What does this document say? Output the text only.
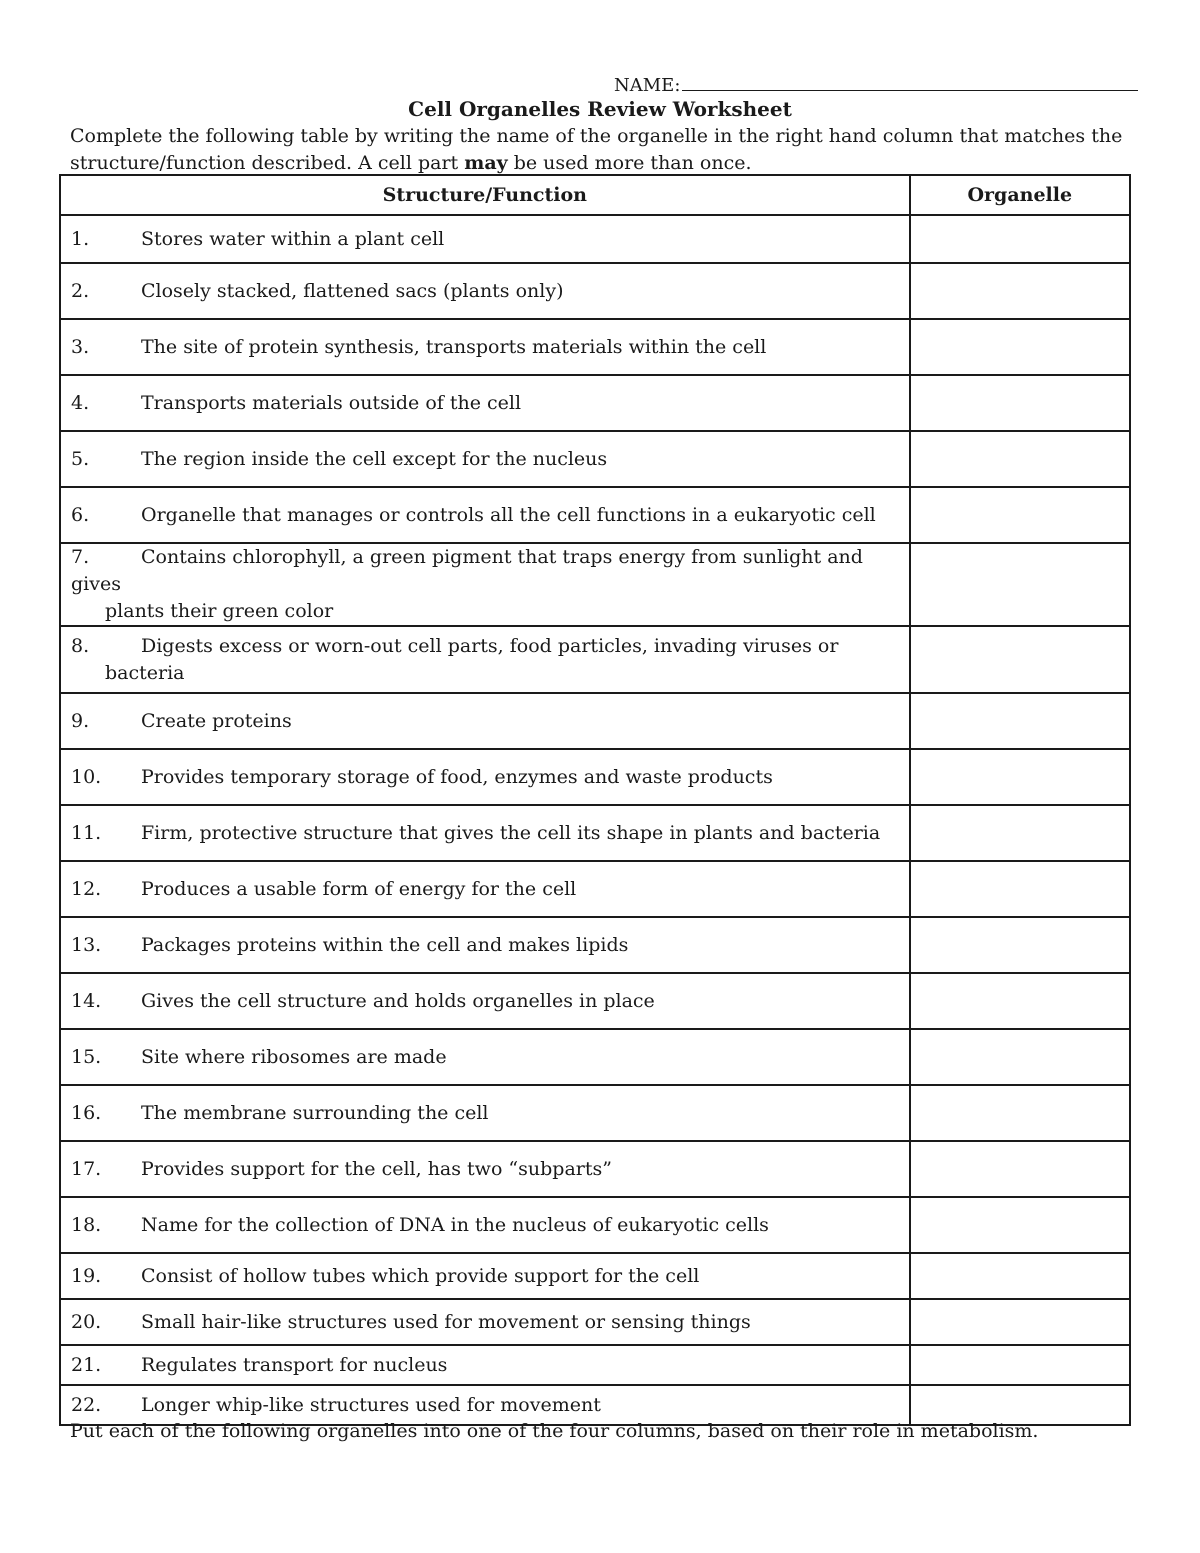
NAME:
Cell Organelles Review Worksheet
Complete the following table by writing the name of the organelle in the right hand column that matches the structure/function described. A cell part may be used more than once.
Structure/Function	Organelle

1. Stores water within a plant cell	

2. Closely stacked, flattened sacs (plants only)	

3. The site of protein synthesis, transports materials within the cell	

4. Transports materials outside of the cell	

5. The region inside the cell except for the nucleus	

6. Organelle that manages or controls all the cell functions in a eukaryotic cell	

7. Contains chlorophyll, a green pigment that traps energy from sunlight and gives
plants their green color	

8. Digests excess or worn-out cell parts, food particles, invading viruses or
bacteria	

9. Create proteins	

10. Provides temporary storage of food, enzymes and waste products	

11. Firm, protective structure that gives the cell its shape in plants and bacteria	

12. Produces a usable form of energy for the cell	

13. Packages proteins within the cell and makes lipids	

14. Gives the cell structure and holds organelles in place	

15. Site where ribosomes are made	

16. The membrane surrounding the cell	

17. Provides support for the cell, has two “subparts”	

18. Name for the collection of DNA in the nucleus of eukaryotic cells	

19. Consist of hollow tubes which provide support for the cell	

20. Small hair-like structures used for movement or sensing things	

21. Regulates transport for nucleus	

22. Longer whip-like structures used for movement	

Put each of the following organelles into one of the four columns, based on their role in metabolism.
